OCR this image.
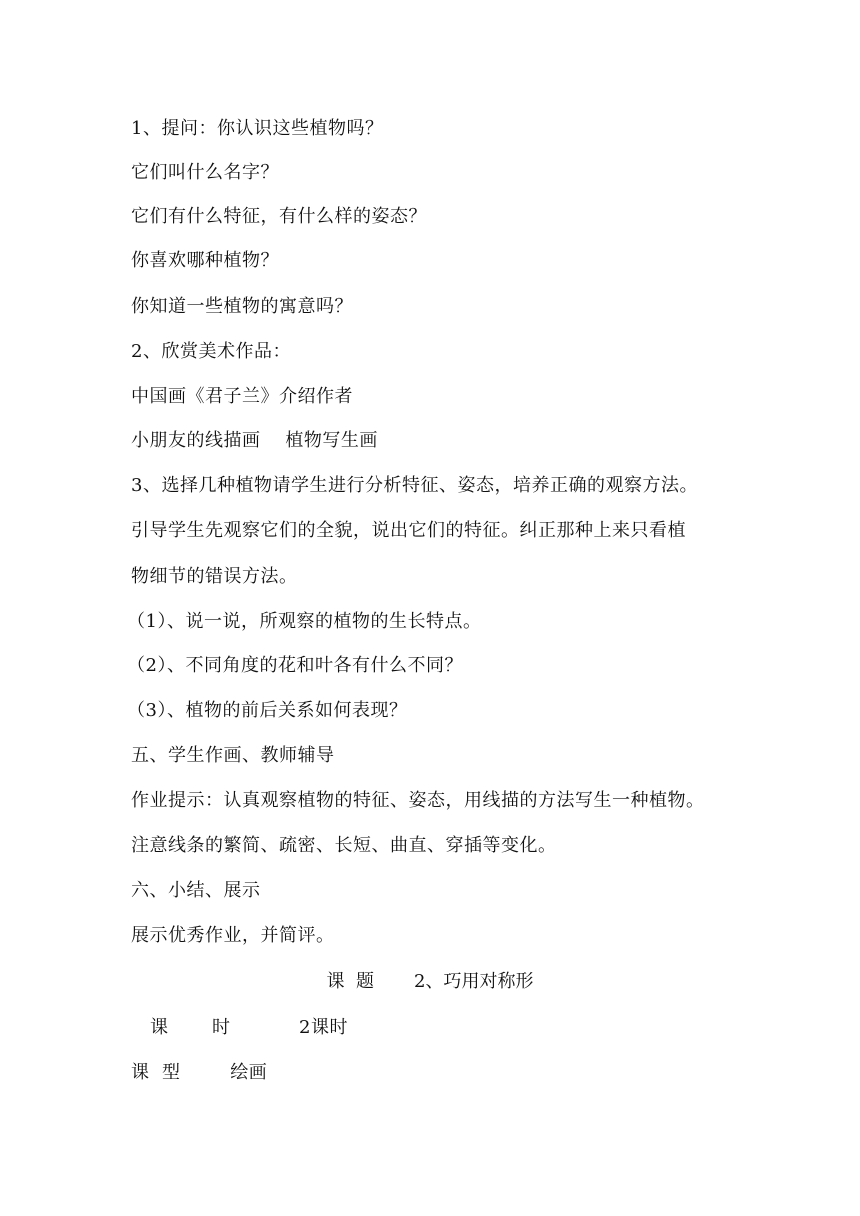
1、提问：你认识这些植物吗？
它们叫什么名字？
它们有什么特征，有什么样的姿态？
你喜欢哪种植物？
你知道一些植物的寓意吗？
2、欣赏美术作品：
中国画《君子兰》介绍作者
小朋友的线描画    植物写生画
3、选择几种植物请学生进行分析特征、姿态，培养正确的观察方法。
引导学生先观察它们的全貌，说出它们的特征。纠正那种上来只看植
物细节的错误方法。
（1）、说一说，所观察的植物的生长特点。
（2）、不同角度的花和叶各有什么不同？
（3）、植物的前后关系如何表现？
五、学生作画、教师辅导
作业提示：认真观察植物的特征、姿态，用线描的方法写生一种植物。
注意线条的繁简、疏密、长短、曲直、穿插等变化。
六、小结、展示
展示优秀作业，并简评。
课  题       2、巧用对称形
课       时           2课时
课  型        绘画
